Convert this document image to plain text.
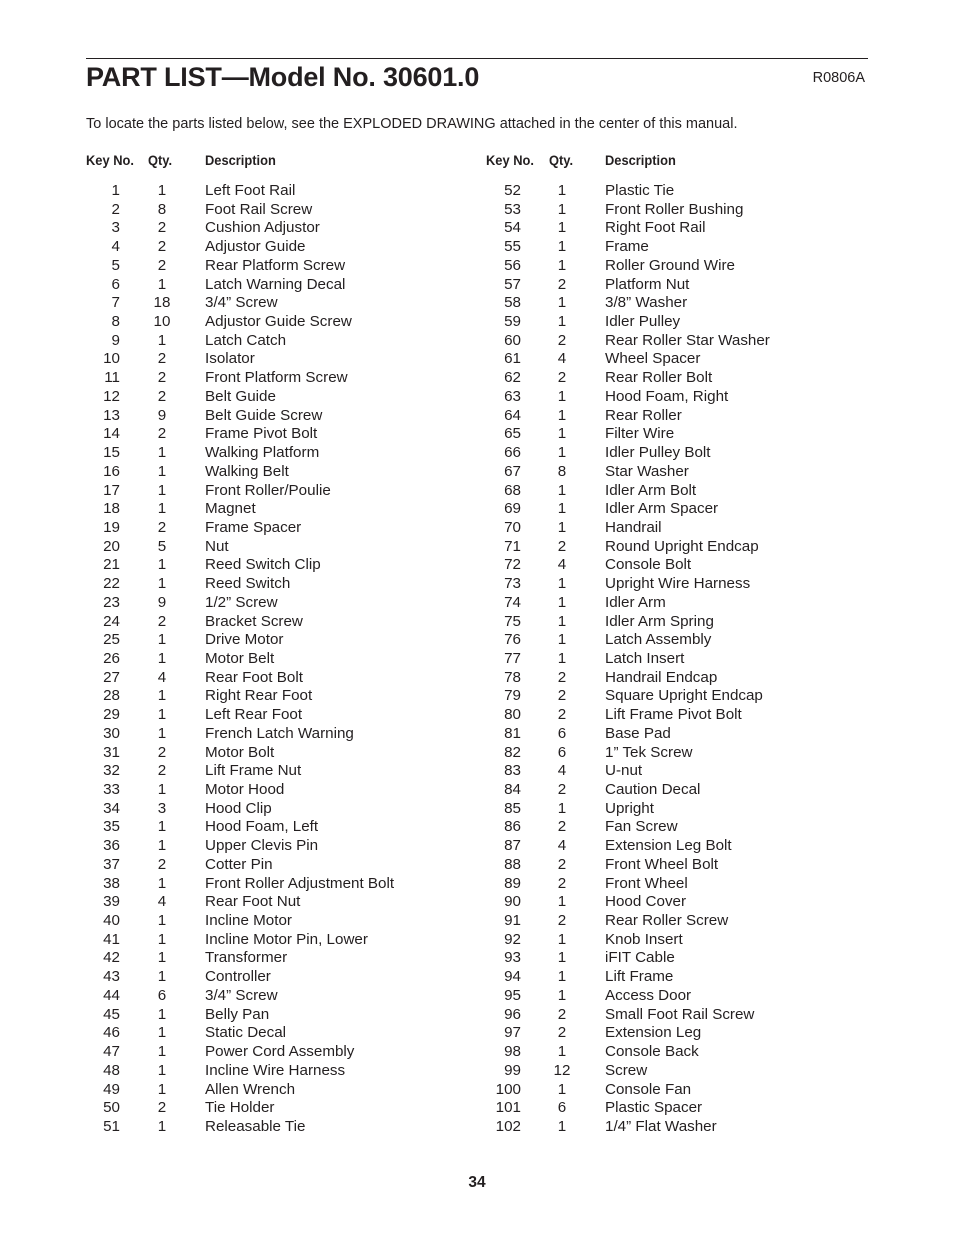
PART LIST—Model No. 30601.0	R0806A
To locate the parts listed below, see the EXPLODED DRAWING attached in the center of this manual.
Key No. Qty. Description	Key No. Qty. Description
1	1	Left Foot Rail
2	8	Foot Rail Screw
3	2	Cushion Adjustor
4	2	Adjustor Guide
5	2	Rear Platform Screw
6	1	Latch Warning Decal
7	18	3/4” Screw
8	10	Adjustor Guide Screw
9	1	Latch Catch
10	2	Isolator
11	2	Front Platform Screw
12	2	Belt Guide
13	9	Belt Guide Screw
14	2	Frame Pivot Bolt
15	1	Walking Platform
16	1	Walking Belt
17	1	Front Roller/Poulie
18	1	Magnet
19	2	Frame Spacer
20	5	Nut
21	1	Reed Switch Clip
22	1	Reed Switch
23	9	1/2” Screw
24	2	Bracket Screw
25	1	Drive Motor
26	1	Motor Belt
27	4	Rear Foot Bolt
28	1	Right Rear Foot
29	1	Left Rear Foot
30	1	French Latch Warning
31	2	Motor Bolt
32	2	Lift Frame Nut
33	1	Motor Hood
34	3	Hood Clip
35	1	Hood Foam, Left
36	1	Upper Clevis Pin
37	2	Cotter Pin
38	1	Front Roller Adjustment Bolt
39	4	Rear Foot Nut
40	1	Incline Motor
41	1	Incline Motor Pin, Lower
42	1	Transformer
43	1	Controller
44	6	3/4” Screw
45	1	Belly Pan
46	1	Static Decal
47	1	Power Cord Assembly
48	1	Incline Wire Harness
49	1	Allen Wrench
50	2	Tie Holder
51	1	Releasable Tie
52	1	Plastic Tie
53	1	Front Roller Bushing
54	1	Right Foot Rail
55	1	Frame
56	1	Roller Ground Wire
57	2	Platform Nut
58	1	3/8” Washer
59	1	Idler Pulley
60	2	Rear Roller Star Washer
61	4	Wheel Spacer
62	2	Rear Roller Bolt
63	1	Hood Foam, Right
64	1	Rear Roller
65	1	Filter Wire
66	1	Idler Pulley Bolt
67	8	Star Washer
68	1	Idler Arm Bolt
69	1	Idler Arm Spacer
70	1	Handrail
71	2	Round Upright Endcap
72	4	Console Bolt
73	1	Upright Wire Harness
74	1	Idler Arm
75	1	Idler Arm Spring
76	1	Latch Assembly
77	1	Latch Insert
78	2	Handrail Endcap
79	2	Square Upright Endcap
80	2	Lift Frame Pivot Bolt
81	6	Base Pad
82	6	1” Tek Screw
83	4	U-nut
84	2	Caution Decal
85	1	Upright
86	2	Fan Screw
87	4	Extension Leg Bolt
88	2	Front Wheel Bolt
89	2	Front Wheel
90	1	Hood Cover
91	2	Rear Roller Screw
92	1	Knob Insert
93	1	iFIT Cable
94	1	Lift Frame
95	1	Access Door
96	2	Small Foot Rail Screw
97	2	Extension Leg
98	1	Console Back
99	12	Screw
100	1	Console Fan
101	6	Plastic Spacer
102	1	1/4” Flat Washer
34
